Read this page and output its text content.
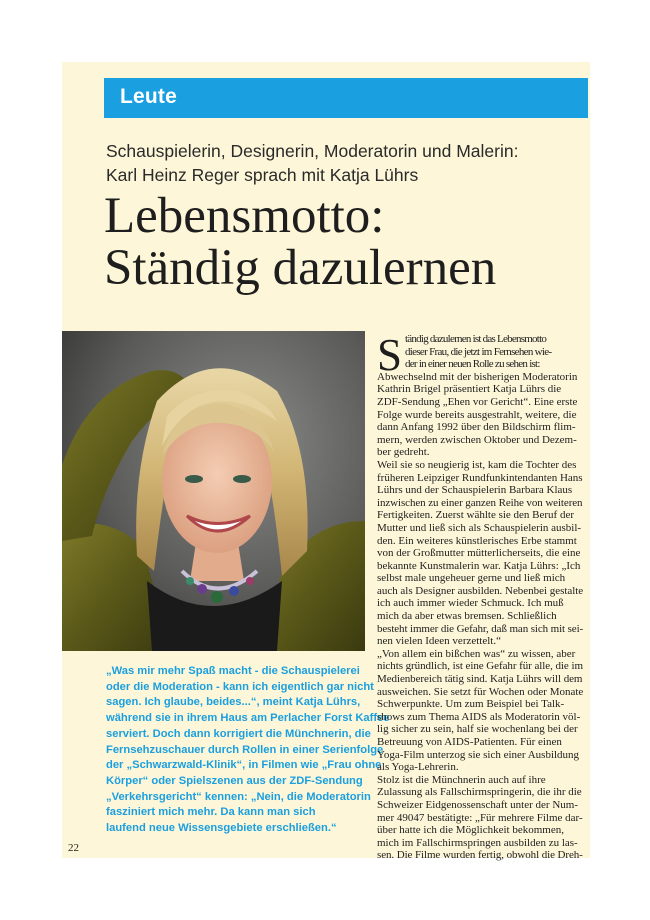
Leute
Schauspielerin, Designerin, Moderatorin und Malerin:
Karl Heinz Reger sprach mit Katja Lührs
Lebensmotto:
Ständig dazulernen
„Was mir mehr Spaß macht - die Schauspielerei
oder die Moderation - kann ich eigentlich gar nicht
sagen. Ich glaube, beides...“, meint Katja Lührs,
während sie in ihrem Haus am Perlacher Forst Kaffee
serviert. Doch dann korrigiert die Münchnerin, die
Fernsehzuschauer durch Rollen in einer Serienfolge
der „Schwarzwald-Klinik“, in Filmen wie „Frau ohne
Körper“ oder Spielszenen aus der ZDF-Sendung
„Verkehrsgericht“ kennen: „Nein, die Moderatorin
fasziniert mich mehr. Da kann man sich
laufend neue Wissensgebiete erschließen.“
S tändig dazulernen ist das Lebensmotto
dieser Frau, die jetzt im Fernsehen wie-
der in einer neuen Rolle zu sehen ist:
Abwechselnd mit der bisherigen Moderatorin
Kathrin Brigel präsentiert Katja Lührs die
ZDF-Sendung „Ehen vor Gericht“. Eine erste
Folge wurde bereits ausgestrahlt, weitere, die
dann Anfang 1992 über den Bildschirm flim-
mern, werden zwischen Oktober und Dezem-
ber gedreht.
Weil sie so neugierig ist, kam die Tochter des
früheren Leipziger Rundfunkintendanten Hans
Lührs und der Schauspielerin Barbara Klaus
inzwischen zu einer ganzen Reihe von weiteren
Fertigkeiten. Zuerst wählte sie den Beruf der
Mutter und ließ sich als Schauspielerin ausbil-
den. Ein weiteres künstlerisches Erbe stammt
von der Großmutter mütterlicherseits, die eine
bekannte Kunstmalerin war. Katja Lührs: „Ich
selbst male ungeheuer gerne und ließ mich
auch als Designer ausbilden. Nebenbei gestalte
ich auch immer wieder Schmuck. Ich muß
mich da aber etwas bremsen. Schließlich
besteht immer die Gefahr, daß man sich mit sei-
nen vielen Ideen verzettelt.“
„Von allem ein bißchen was“ zu wissen, aber
nichts gründlich, ist eine Gefahr für alle, die im
Medienbereich tätig sind. Katja Lührs will dem
ausweichen. Sie setzt für Wochen oder Monate
Schwerpunkte. Um zum Beispiel bei Talk-
shows zum Thema AIDS als Moderatorin völ-
lig sicher zu sein, half sie wochenlang bei der
Betreuung von AIDS-Patienten. Für einen
Yoga-Film unterzog sie sich einer Ausbildung
als Yoga-Lehrerin.
Stolz ist die Münchnerin auch auf ihre
Zulassung als Fallschirmspringerin, die ihr die
Schweizer Eidgenossenschaft unter der Num-
mer 49047 bestätigte: „Für mehrere Filme dar-
über hatte ich die Möglichkeit bekommen,
mich im Fallschirmspringen ausbilden zu las-
sen. Die Filme wurden fertig, obwohl die Dreh-
22
